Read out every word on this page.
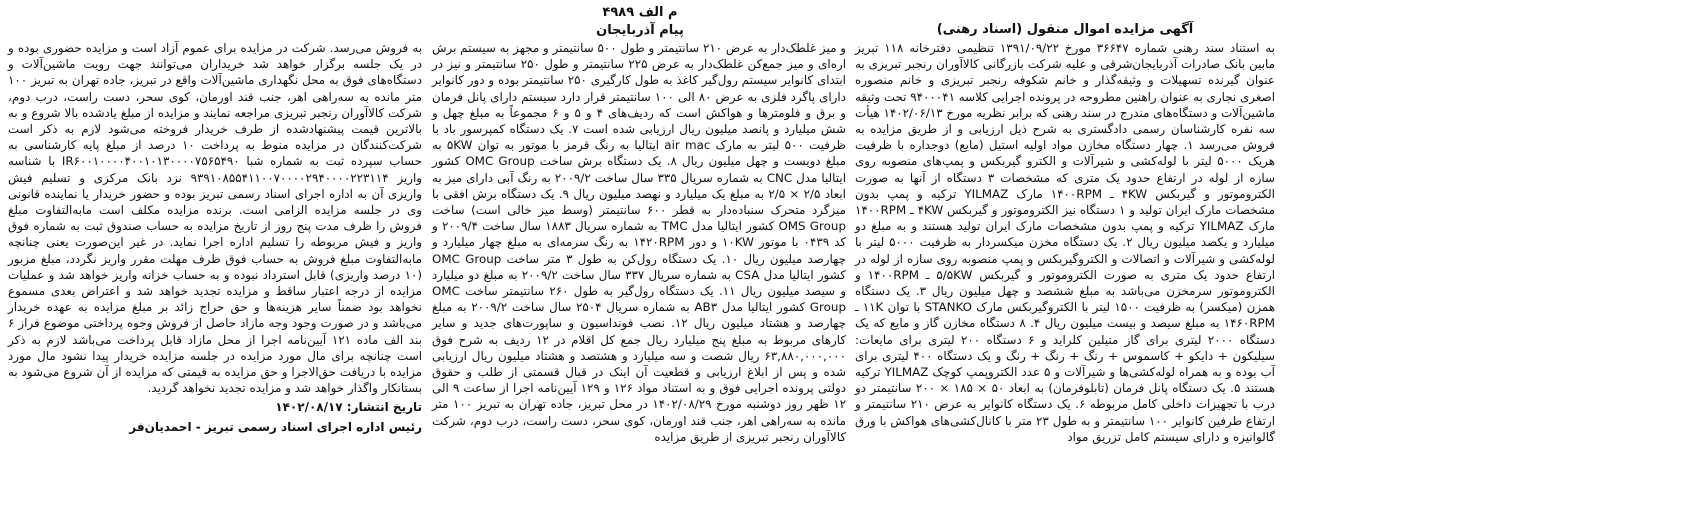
م الف ۴۹۸۹
پیام آذربایجان	آگهی مزایده اموال منقول (اسناد رهنی)
به استناد سند رهنی شماره ۳۶۶۴۷ مورخ ۱۳۹۱/۰۹/۲۲ تنظیمی دفترخانه ۱۱۸ تبریز مابین بانک صادرات آذربایجان‌شرقی و علیه شرکت بازرگانی کالاآوران رنجبر تبریزی به عنوان گیرنده تسهیلات و وثیقه‌گذار و خانم شکوفه رنجبر تبریزی و خانم منصوره اصغری نجاری به عنوان راهنین مطروحه در پرونده اجرایی کلاسه ۹۴۰۰۰۴۱ تحت وثیقه ماشین‌آلات و دستگاه‌های مندرج در سند رهنی که برابر نظریه مورخ ۱۴۰۲/۰۶/۱۳ هیأت سه نفره کارشناسان رسمی دادگستری به شرح ذیل ارزیابی و از طریق مزایده به فروش می‌رسد ۱. چهار دستگاه مخازن مواد اولیه استیل (مایع) دوجداره با ظرفیت هریک ۵۰۰۰ لیتر با لوله‌کشی و شیرآلات و الکترو گیربکس و پمپ‌های منصوبه روی سازه از لوله در ارتفاع حدود یک متری که مشخصات ۳ دستگاه از آنها به صورت الکتروموتور و گیربکس ۴KW ـ ۱۴۰۰RPM مارک YILMAZ ترکیه و پمپ بدون مشخصات مارک ایران تولید و ۱ دستگاه نیز الکتروموتور و گیربکس ۴KW ـ ۱۴۰۰RPM مارک YILMAZ ترکیه و پمپ بدون مشخصات مارک ایران تولید هستند و به مبلغ دو میلیارد و یکصد میلیون ریال ۲. یک دستگاه مخزن میکسردار به ظرفیت ۵۰۰۰ لیتر با لوله‌کشی و شیرآلات و اتصالات و الکتروگیربکس و پمپ منصوبه روی سازه از لوله در ارتفاع حدود یک متری به صورت الکتروموتور و گیربکس ۵/۵KW ـ ۱۴۰۰RPM و الکتروموتور سرمخزن می‌باشد به مبلغ ششصد و چهل میلیون ریال ۳. یک دستگاه همزن (میکسر) به ظرفیت ۱۵۰۰ لیتر با الکتروگیربکس مارک STANKO با توان ۱۱K ـ ۱۴۶۰RPM به مبلغ سیصد و بیست میلیون ریال ۴. ۸ دستگاه مخازن گاز و مایع که یک دستگاه ۲۰۰۰ لیتری برای گاز متیلین کلراید و ۶ دستگاه ۲۰۰ لیتری برای مایعات: سیلیکون + دایکو + کاسموس + رنگ + رنگ + رنگ و یک دستگاه ۴۰۰ لیتری برای آب بوده و به همراه لوله‌کشی‌ها و شیرآلات و ۵ عدد الکتروپمپ کوچک YILMAZ ترکیه هستند ۵. یک دستگاه پانل فرمان (تابلوفرمان) به ابعاد ۵۰ × ۱۸۵ × ۲۰۰ سانتیمتر دو درب با تجهیزات داخلی کامل مربوطه ۶. یک دستگاه کانوایر به عرض ۲۱۰ سانتیمتر و ارتفاع طرفین کانوایر ۱۰۰ سانتیمتر و به طول ۲۳ متر با کانال‌کشی‌های هواکش با ورق گالوانیزه و دارای سیستم کامل تزریق مواد
و میز غلطک‌دار به عرض ۲۱۰ سانتیمتر و طول ۵۰۰ سانتیمتر و مجهز به سیستم برش اره‌ای و میز جمع‌کن غلطک‌دار به عرض ۲۲۵ سانتیمتر و طول ۲۵۰ سانتیمتر و نیز در ابتدای کانوایر سیستم رول‌گیر کاغذ به طول کارگیری ۲۵۰ سانتیمتر بوده و دور کانوایر دارای پاگرد فلزی به عرض ۸۰ الی ۱۰۰ سانتیمتر قرار دارد سیستم دارای پانل فرمان و برق و فلومترها و هواکش است که ردیف‌های ۴ و ۵ و ۶ مجموعاً به مبلغ چهل و شش میلیارد و پانصد میلیون ریال ارزیابی شده است ۷. یک دستگاه کمپرسور باد با ظرفیت ۵۰۰ لیتر به مارک air mac ایتالیا به رنگ قرمز با موتور به توان ۵KW به مبلغ دویست و چهل میلیون ریال ۸. یک دستگاه برش ساخت OMC Group کشور ایتالیا مدل CNC به شماره سریال ۳۳۵ سال ساخت ۲۰۰۹/۲ به رنگ آبی دارای میز به ابعاد ۲/۵ × ۲/۵ به مبلغ یک میلیارد و نهصد میلیون ریال ۹. یک دستگاه برش افقی با میزگرد متحرک سنباده‌دار به قطر ۶۰۰ سانتیمتر (وسط میز خالی است) ساخت OMS Group کشور ایتالیا مدل TMC به شماره سریال ۱۸۸۳ سال ساخت ۲۰۰۹/۴ و کد ۰۴۳۹ با موتور ۱۰KW و دور ۱۴۲۰RPM به رنگ سرمه‌ای به مبلغ چهار میلیارد و چهارصد میلیون ریال ۱۰. یک دستگاه رول‌کن به طول ۳ متر ساخت OMC Group کشور ایتالیا مدل CSA به شماره سریال ۳۳۷ سال ساخت ۲۰۰۹/۲ به مبلغ دو میلیارد و سیصد میلیون ریال ۱۱. یک دستگاه رول‌گیر به طول ۲۶۰ سانتیمتر ساخت OMC Group کشور ایتالیا مدل AB۳ به شماره سریال ۲۵۰۴ سال ساخت ۲۰۰۹/۲ به مبلغ چهارصد و هشتاد میلیون ریال ۱۲. نصب فونداسیون و ساپورت‌های جدید و سایر کارهای مربوط به مبلغ پنج میلیارد ریال جمع کل اقلام در ۱۲ ردیف به شرح فوق ۶۳,۸۸۰,۰۰۰,۰۰۰ ریال شصت و سه میلیارد و هشتصد و هشتاد میلیون ریال ارزیابی شده و پس از ابلاغ ارزیابی و قطعیت آن اینک در قبال قسمتی از طلب و حقوق دولتی پرونده اجرایی فوق و به استناد مواد ۱۲۶ و ۱۲۹ آیین‌نامه اجرا از ساعت ۹ الی ۱۲ ظهر روز دوشنبه مورخ ۱۴۰۲/۰۸/۲۹ در محل تبریز، جاده تهران به تبریز ۱۰۰ متر مانده به سه‌راهی اهر، جنب قند اورمان، کوی سحر، دست راست، درب دوم، شرکت کالاآوران رنجبر تبریزی از طریق مزایده
به فروش می‌رسد. شرکت در مزایده برای عموم آزاد است و مزایده حضوری بوده و در یک جلسه برگزار خواهد شد خریداران می‌توانند جهت رویت ماشین‌آلات و دستگاه‌های فوق به محل نگهداری ماشین‌آلات واقع در تبریز، جاده تهران به تبریز ۱۰۰ متر مانده به سه‌راهی اهر، جنب قند اورمان، کوی سحر، دست راست، درب دوم، شرکت کالاآوران رنجبر تبریزی مراجعه نمایند و مزایده از مبلغ یادشده بالا شروع و به بالاترین قیمت پیشنهادشده از طرف خریدار فروخته می‌شود لازم به ذکر است شرکت‌کنندگان در مزایده منوط به پرداخت ۱۰ درصد از مبلغ پایه کارشناسی به حساب سپرده ثبت به شماره شبا IR۶۰۰۱۰۰۰۰۴۰۰۱۰۱۳۰۰۰۰۷۵۶۵۴۹۰ با شناسه واریز ۹۳۹۱۰۸۵۵۴۱۱۰۰۷۰۰۰۰۲۹۴۰۰۰۰۲۲۳۱۱۴ نزد بانک مرکزی و تسلیم فیش واریزی آن به اداره اجرای اسناد رسمی تبریز بوده و حضور خریدار یا نماینده قانونی وی در جلسه مزایده الزامی است. برنده مزایده مکلف است مابه‌التفاوت مبلغ فروش را ظرف مدت پنج روز از تاریخ مزایده به حساب صندوق ثبت به شماره فوق واریز و فیش مربوطه را تسلیم اداره اجرا نماید. در غیر این‌صورت یعنی چنانچه مابه‌التفاوت مبلغ فروش به حساب فوق ظرف مهلت مقرر واریز نگردد، مبلغ مزبور (۱۰ درصد واریزی) قابل استرداد نبوده و به حساب خزانه واریز خواهد شد و عملیات مزایده از درجه اعتبار ساقط و مزایده تجدید خواهد شد و اعتراض بعدی مسموع نخواهد بود ضمناً سایر هزینه‌ها و حق حراج زائد بر مبلغ مزایده به عهده خریدار می‌باشد و در صورت وجود وجه مازاد حاصل از فروش وجوه پرداختی موضوع فراز ۶ بند الف ماده ۱۲۱ آیین‌نامه اجرا از محل مازاد قابل پرداخت می‌باشد لازم به ذکر است چنانچه برای مال مورد مزایده در جلسه مزایده خریدار پیدا نشود مال مورد مزایده با دریافت حق‌الاجرا و حق مزایده به قیمتی که مزایده از آن شروع می‌شود به بستانکار واگذار خواهد شد و مزایده تجدید نخواهد گردید.
تاریخ انتشار: ۱۴۰۲/۰۸/۱۷
رئیس اداره اجرای اسناد رسمی تبریز - احمدیان‌فر
